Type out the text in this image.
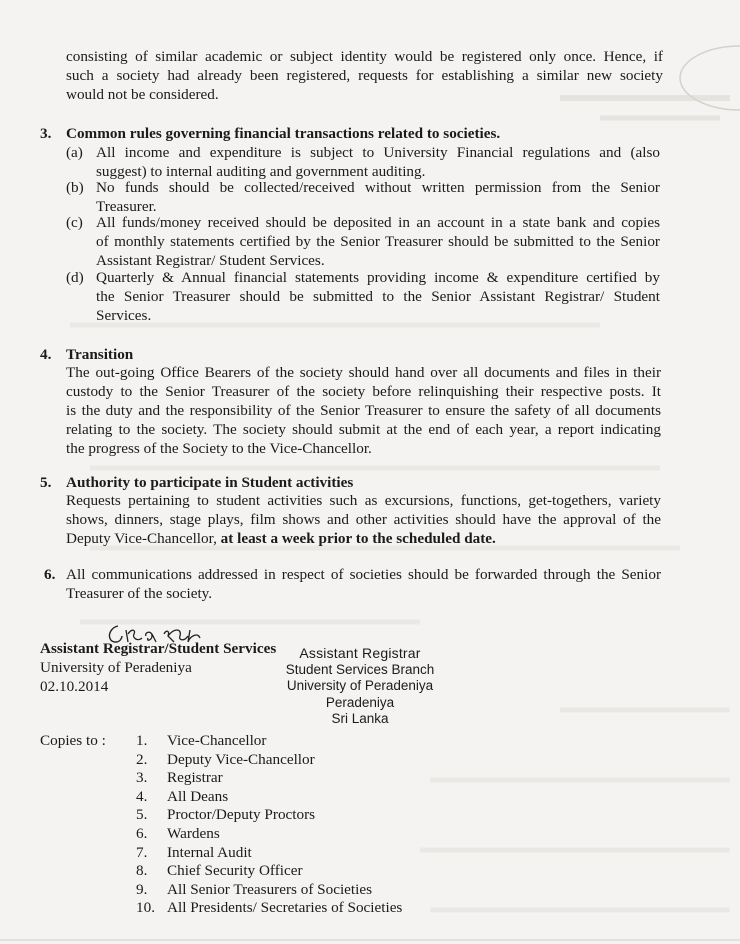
consisting of similar academic or subject identity would be registered only once. Hence, if
such a society had already been registered, requests for establishing a similar new society
would not be considered.
3. Common rules governing financial transactions related to societies.
(a) All income and expenditure is subject to University Financial regulations and (also
suggest) to internal auditing and government auditing.
(b) No funds should be collected/received without written permission from the Senior
Treasurer.
(c) All funds/money received should be deposited in an account in a state bank and copies
of monthly statements certified by the Senior Treasurer should be submitted to the Senior
Assistant Registrar/ Student Services.
(d) Quarterly & Annual financial statements providing income & expenditure certified by
the Senior Treasurer should be submitted to the Senior Assistant Registrar/ Student
Services.
4. Transition
The out-going Office Bearers of the society should hand over all documents and files in their
custody to the Senior Treasurer of the society before relinquishing their respective posts. It
is the duty and the responsibility of the Senior Treasurer to ensure the safety of all documents
relating to the society. The society should submit at the end of each year, a report indicating
the progress of the Society to the Vice-Chancellor.
5. Authority to participate in Student activities
Requests pertaining to student activities such as excursions, functions, get-togethers, variety
shows, dinners, stage plays, film shows and other activities should have the approval of the
Deputy Vice-Chancellor, at least a week prior to the scheduled date.
6. All communications addressed in respect of societies should be forwarded through the Senior
Treasurer of the society.
Assistant Registrar/Student Services
University of Peradeniya
02.10.2014
Assistant Registrar
Student Services Branch
University of Peradeniya
Peradeniya
Sri Lanka
Copies to : 1. Vice-Chancellor
2. Deputy Vice-Chancellor
3. Registrar
4. All Deans
5. Proctor/Deputy Proctors
6. Wardens
7. Internal Audit
8. Chief Security Officer
9. All Senior Treasurers of Societies
10. All Presidents/ Secretaries of Societies
